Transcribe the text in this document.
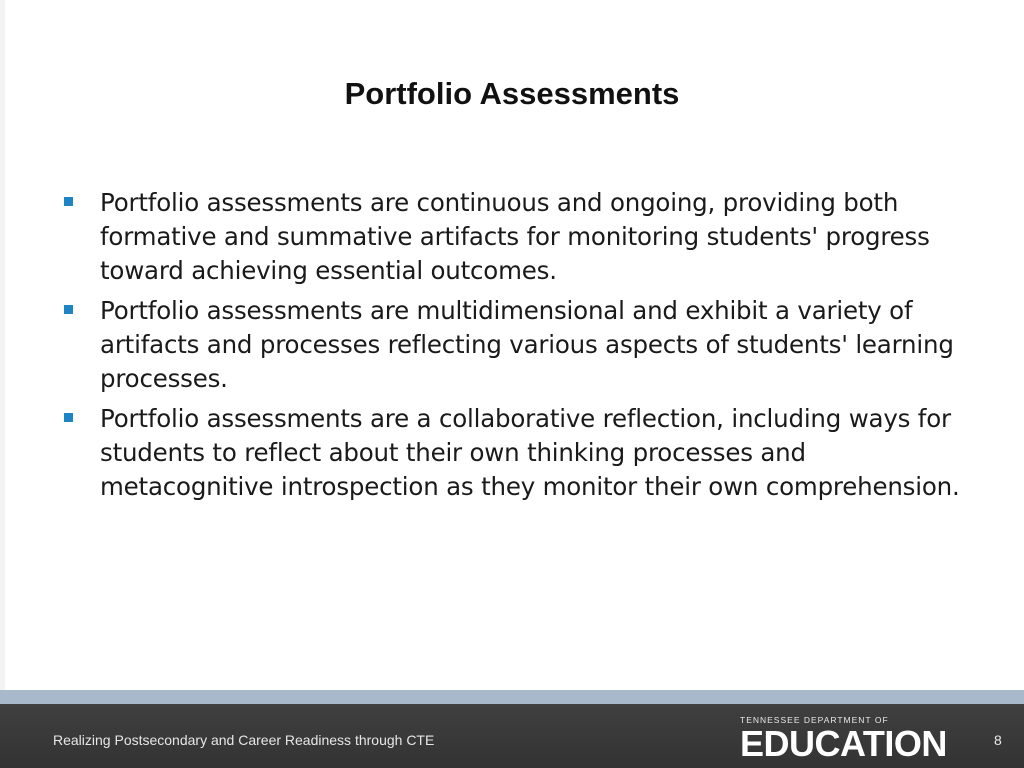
Portfolio Assessments
Portfolio assessments are continuous and ongoing, providing both formative and summative artifacts for monitoring students' progress toward achieving essential outcomes.
Portfolio assessments are multidimensional and exhibit a variety of artifacts and processes reflecting various aspects of students' learning processes.
Portfolio assessments are a collaborative reflection, including ways for students to reflect about their own thinking processes and metacognitive introspection as they monitor their own comprehension.
Realizing Postsecondary and Career Readiness through CTE
TENNESSEE DEPARTMENT OF
EDUCATION	8
